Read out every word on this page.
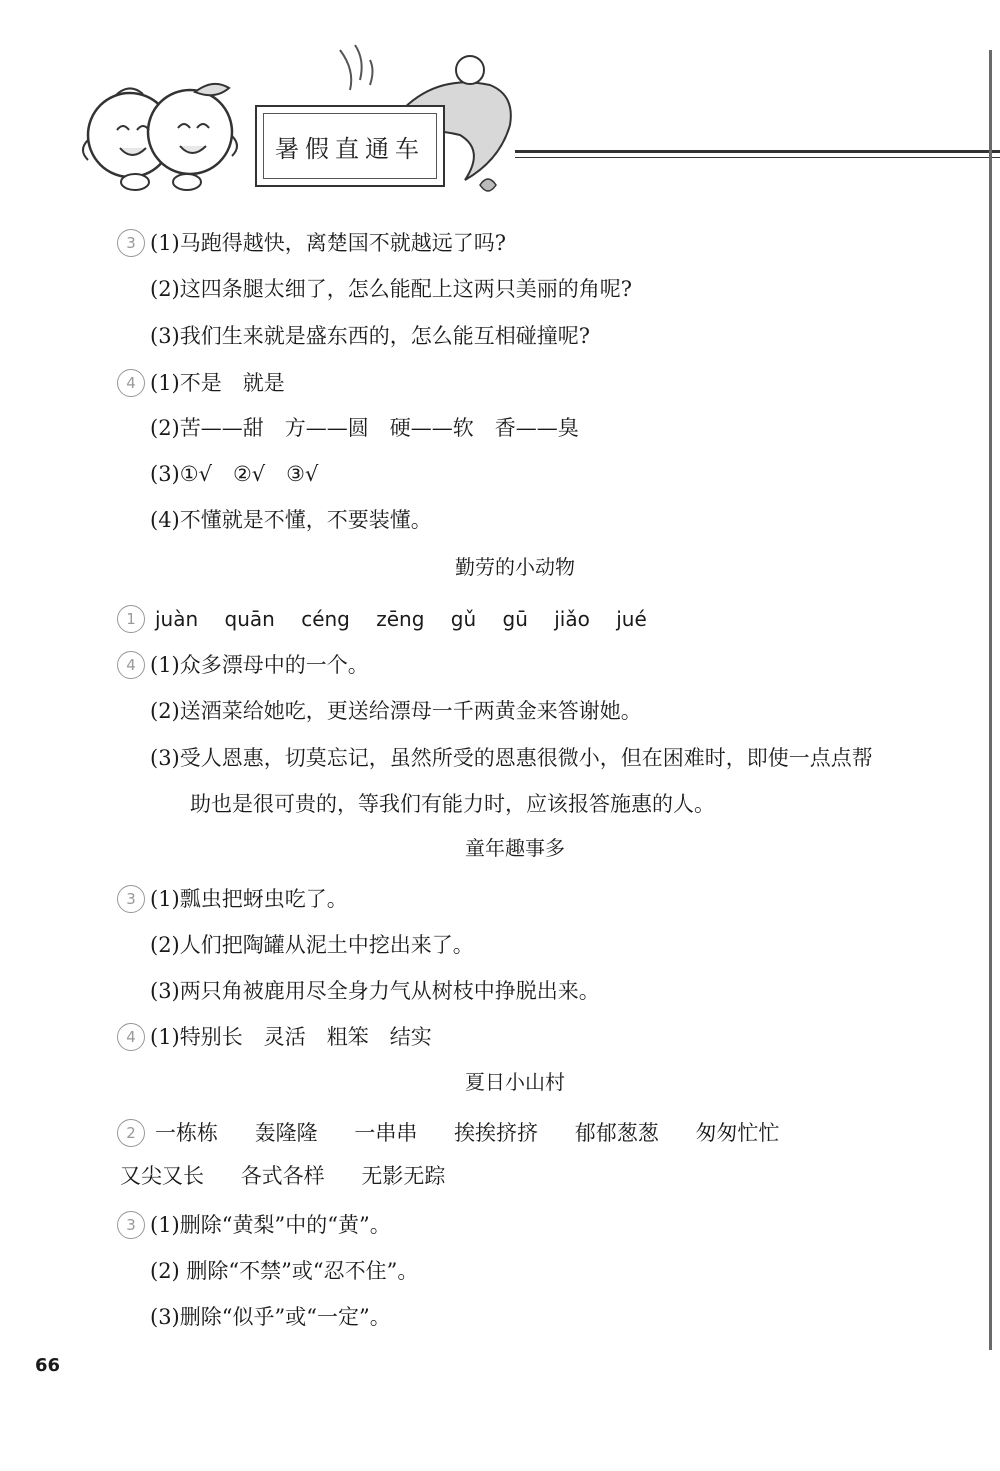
暑假直通车
3 (1)马跑得越快，离楚国不就越远了吗?
(2)这四条腿太细了，怎么能配上这两只美丽的角呢?
(3)我们生来就是盛东西的，怎么能互相碰撞呢?
4 (1)不是　就是
(2)苦——甜　方——圆　硬——软　香——臭
(3)①√　②√　③√
(4)不懂就是不懂，不要装懂。
勤劳的小动物
1 juàn quān céng zēng gǔ gū jiǎo jué
4 (1)众多漂母中的一个。
(2)送酒菜给她吃，更送给漂母一千两黄金来答谢她。
(3)受人恩惠，切莫忘记，虽然所受的恩惠很微小，但在困难时，即使一点点帮
助也是很可贵的，等我们有能力时，应该报答施惠的人。
童年趣事多
3 (1)瓢虫把蚜虫吃了。
(2)人们把陶罐从泥土中挖出来了。
(3)两只角被鹿用尽全身力气从树枝中挣脱出来。
4 (1)特别长　灵活　粗笨　结实
夏日小山村
2 一栋栋 轰隆隆 一串串 挨挨挤挤 郁郁葱葱 匆匆忙忙
又尖又长 各式各样 无影无踪
3 (1)删除“黄梨”中的“黄”。
(2) 删除“不禁”或“忍不住”。
(3)删除“似乎”或“一定”。
66
